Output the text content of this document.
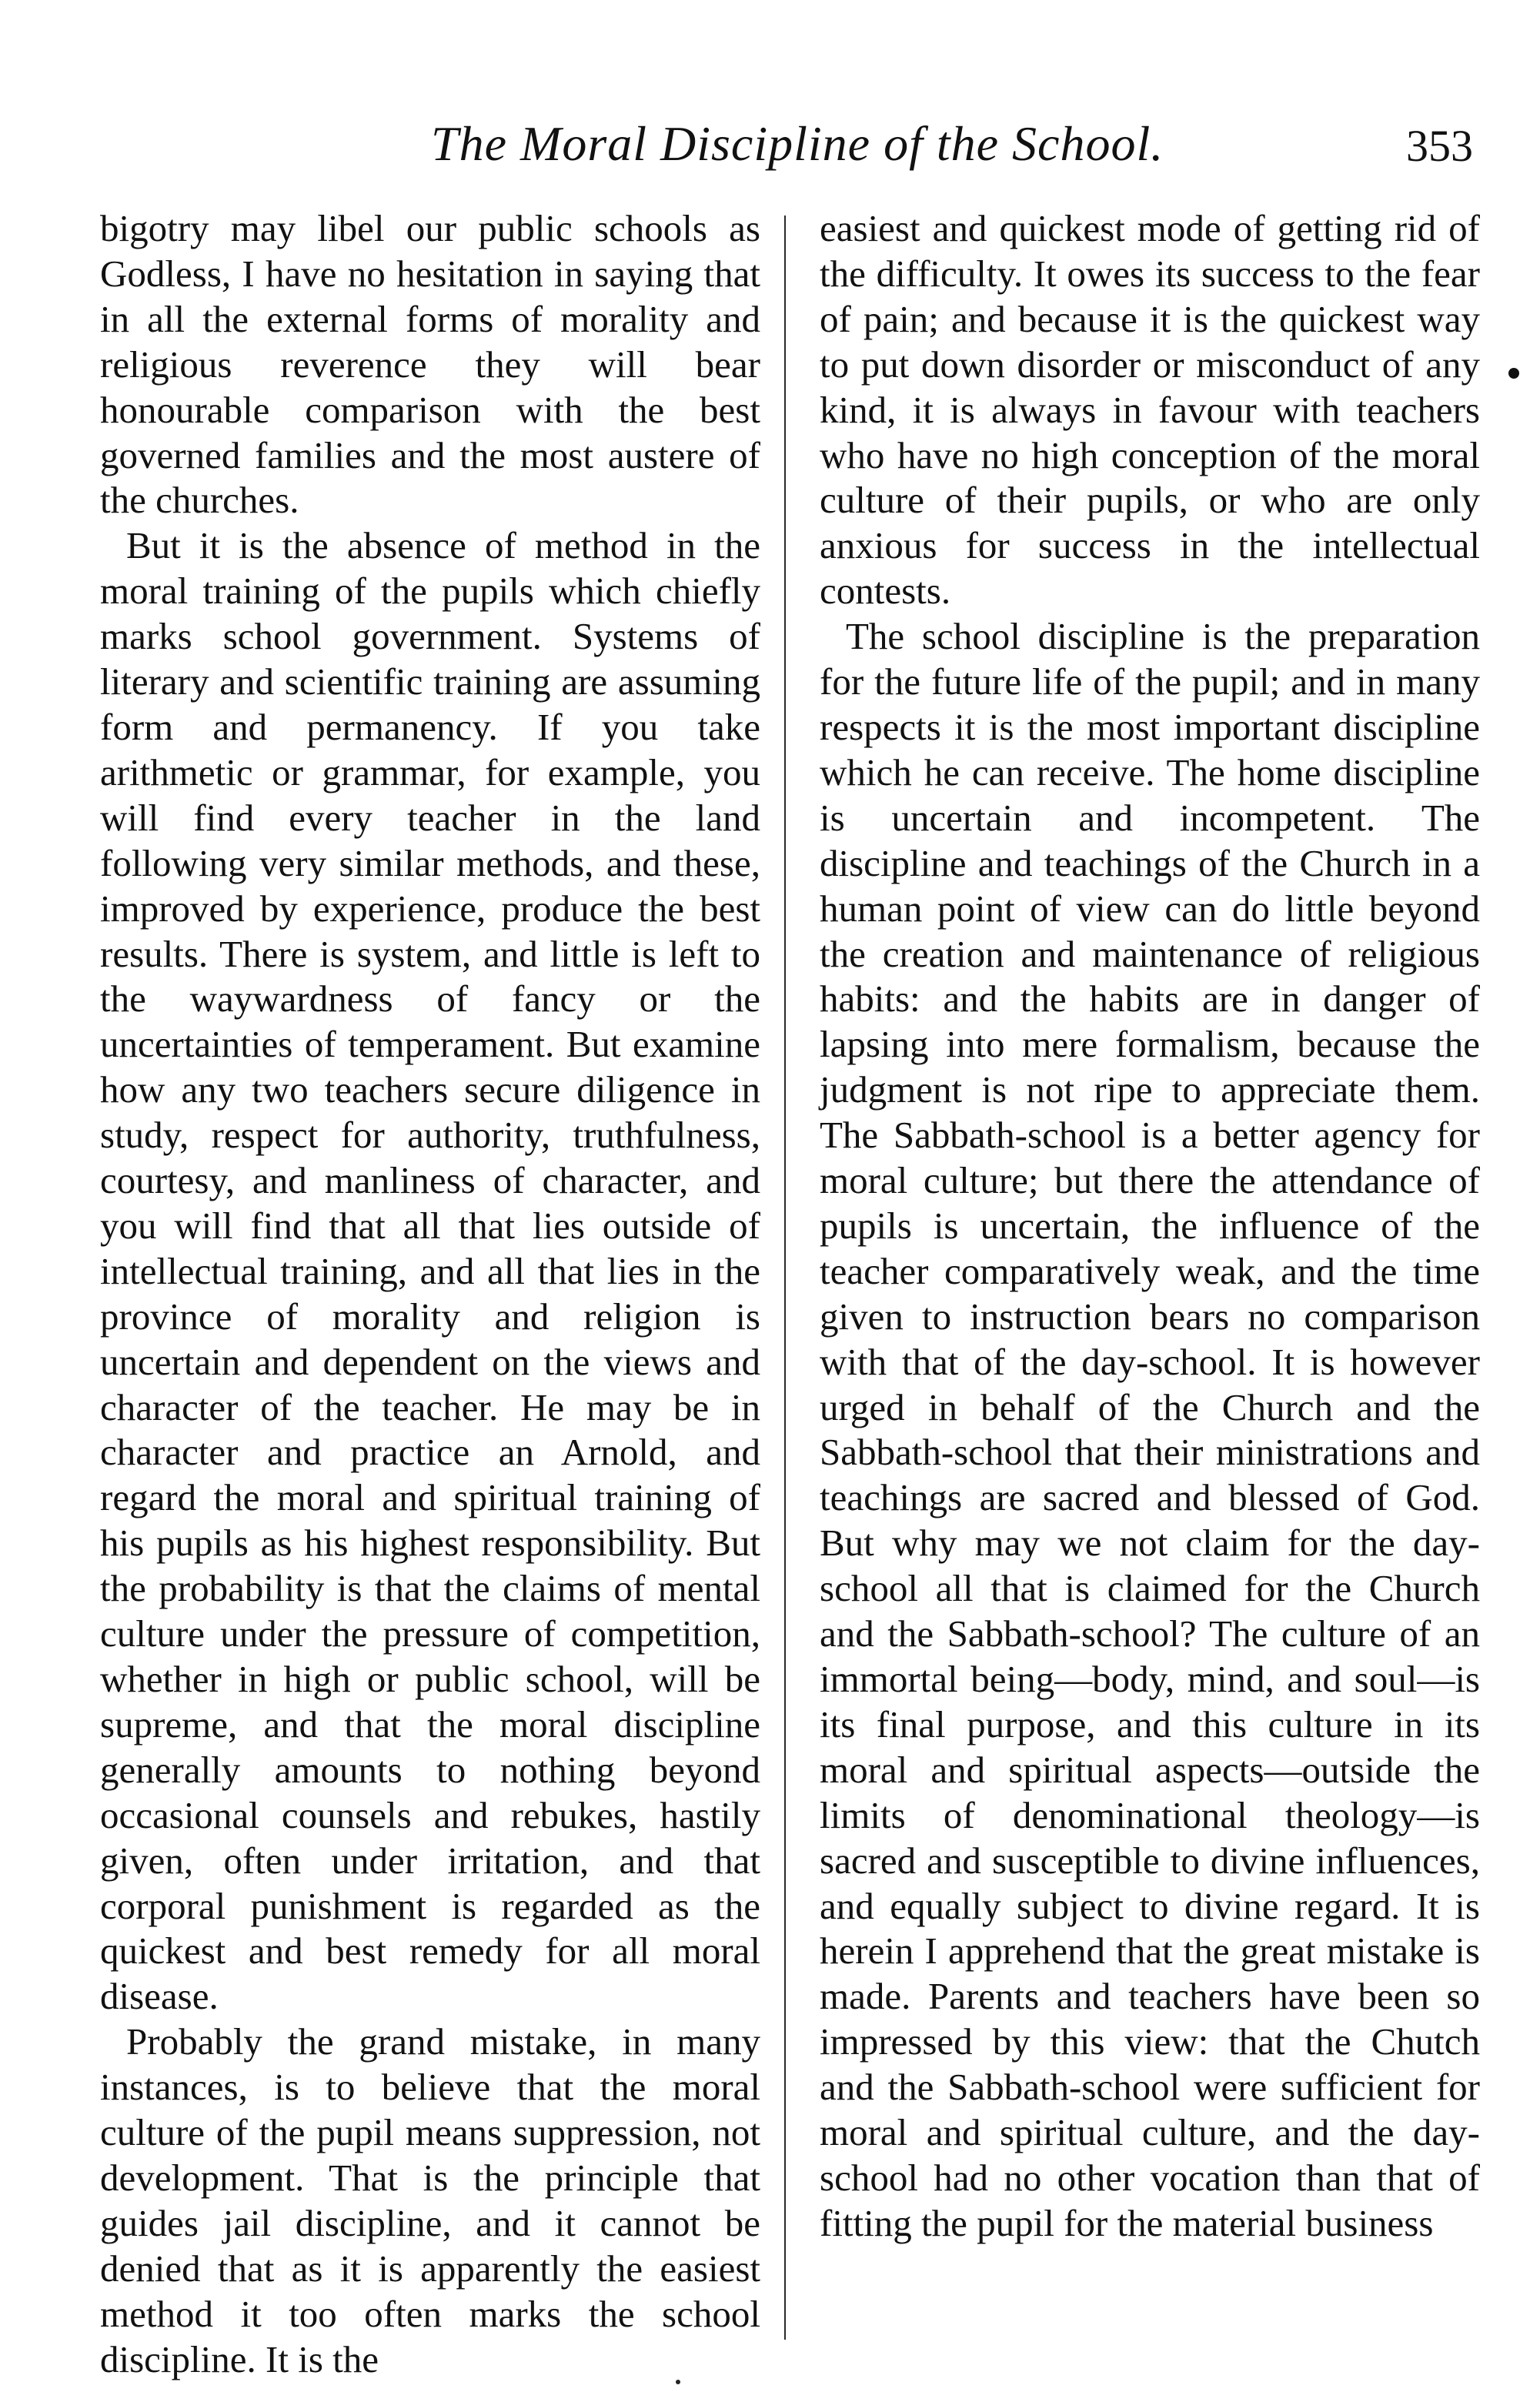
The Moral Discipline of the School.	353

bigotry may libel our public schools as Godless, I have no hesitation in saying that in all the external forms of morality and religious reverence they will bear honourable comparison with the best governed families and the most austere of the churches.

But it is the absence of method in the moral training of the pupils which chiefly marks school government. Systems of literary and scientific training are assuming form and permanency. If you take arithmetic or grammar, for example, you will find every teacher in the land following very similar methods, and these, improved by experience, produce the best results. There is system, and little is left to the waywardness of fancy or the uncertainties of temperament. But examine how any two teachers secure diligence in study, respect for authority, truthfulness, courtesy, and manliness of character, and you will find that all that lies outside of intellectual training, and all that lies in the province of morality and religion is uncertain and dependent on the views and character of the teacher. He may be in character and practice an Arnold, and regard the moral and spiritual training of his pupils as his highest responsibility. But the probability is that the claims of mental culture under the pressure of competition, whether in high or public school, will be supreme, and that the moral discipline generally amounts to nothing beyond occasional counsels and rebukes, hastily given, often under irritation, and that corporal punishment is regarded as the quickest and best remedy for all moral disease.

Probably the grand mistake, in many instances, is to believe that the moral culture of the pupil means suppression, not development. That is the principle that guides jail discipline, and it cannot be denied that as it is apparently the easiest method it too often marks the school discipline. It is the

easiest and quickest mode of getting rid of the difficulty. It owes its success to the fear of pain; and because it is the quickest way to put down disorder or misconduct of any kind, it is always in favour with teachers who have no high conception of the moral culture of their pupils, or who are only anxious for success in the intellectual contests.

The school discipline is the preparation for the future life of the pupil; and in many respects it is the most important discipline which he can receive. The home discipline is uncertain and incompetent. The discipline and teachings of the Church in a human point of view can do little beyond the creation and maintenance of religious habits: and the habits are in danger of lapsing into mere formalism, because the judgment is not ripe to appreciate them. The Sabbath-school is a better agency for moral culture; but there the attendance of pupils is uncertain, the influence of the teacher comparatively weak, and the time given to instruction bears no comparison with that of the day-school. It is however urged in behalf of the Church and the Sabbath-school that their ministrations and teachings are sacred and blessed of God. But why may we not claim for the day-school all that is claimed for the Church and the Sabbath-school? The culture of an immortal being—body, mind, and soul—is its final purpose, and this culture in its moral and spiritual aspects—outside the limits of denominational theology—is sacred and susceptible to divine influences, and equally subject to divine regard. It is herein I apprehend that the great mistake is made. Parents and teachers have been so impressed by this view: that the Chutch and the Sabbath-school were sufficient for moral and spiritual culture, and the day-school had no other vocation than that of fitting the pupil for the material business
